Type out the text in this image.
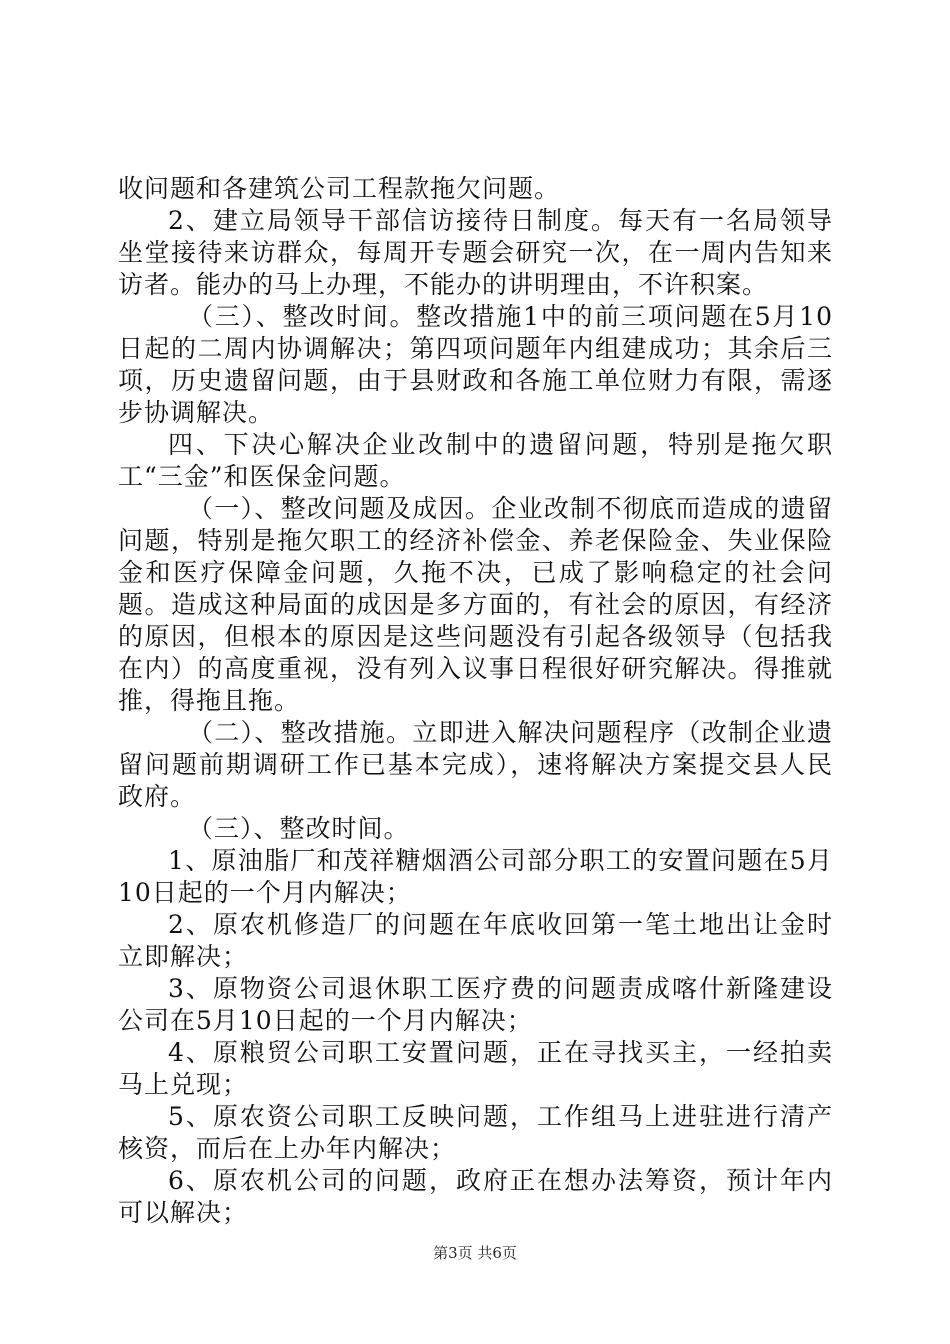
收问题和各建筑公司工程款拖欠问题。

2、建立局领导干部信访接待日制度。每天有一名局领导坐堂接待来访群众，每周开专题会研究一次，在一周内告知来访者。能办的马上办理，不能办的讲明理由，不许积案。

（三）、整改时间。整改措施1中的前三项问题在5月10日起的二周内协调解决；第四项问题年内组建成功；其余后三项，历史遗留问题，由于县财政和各施工单位财力有限，需逐步协调解决。

四、下决心解决企业改制中的遗留问题，特别是拖欠职工“三金”和医保金问题。

（一）、整改问题及成因。企业改制不彻底而造成的遗留问题，特别是拖欠职工的经济补偿金、养老保险金、失业保险金和医疗保障金问题，久拖不决，已成了影响稳定的社会问题。造成这种局面的成因是多方面的，有社会的原因，有经济的原因，但根本的原因是这些问题没有引起各级领导（包括我在内）的高度重视，没有列入议事日程很好研究解决。得推就推，得拖且拖。

（二）、整改措施。立即进入解决问题程序（改制企业遗留问题前期调研工作已基本完成），速将解决方案提交县人民政府。

（三）、整改时间。

1、原油脂厂和茂祥糖烟酒公司部分职工的安置问题在5月10日起的一个月内解决；

2、原农机修造厂的问题在年底收回第一笔土地出让金时立即解决；

3、原物资公司退休职工医疗费的问题责成喀什新隆建设公司在5月10日起的一个月内解决；

4、原粮贸公司职工安置问题，正在寻找买主，一经拍卖马上兑现；

5、原农资公司职工反映问题，工作组马上进驻进行清产核资，而后在上办年内解决；

6、原农机公司的问题，政府正在想办法筹资，预计年内可以解决；

第3页 共6页
